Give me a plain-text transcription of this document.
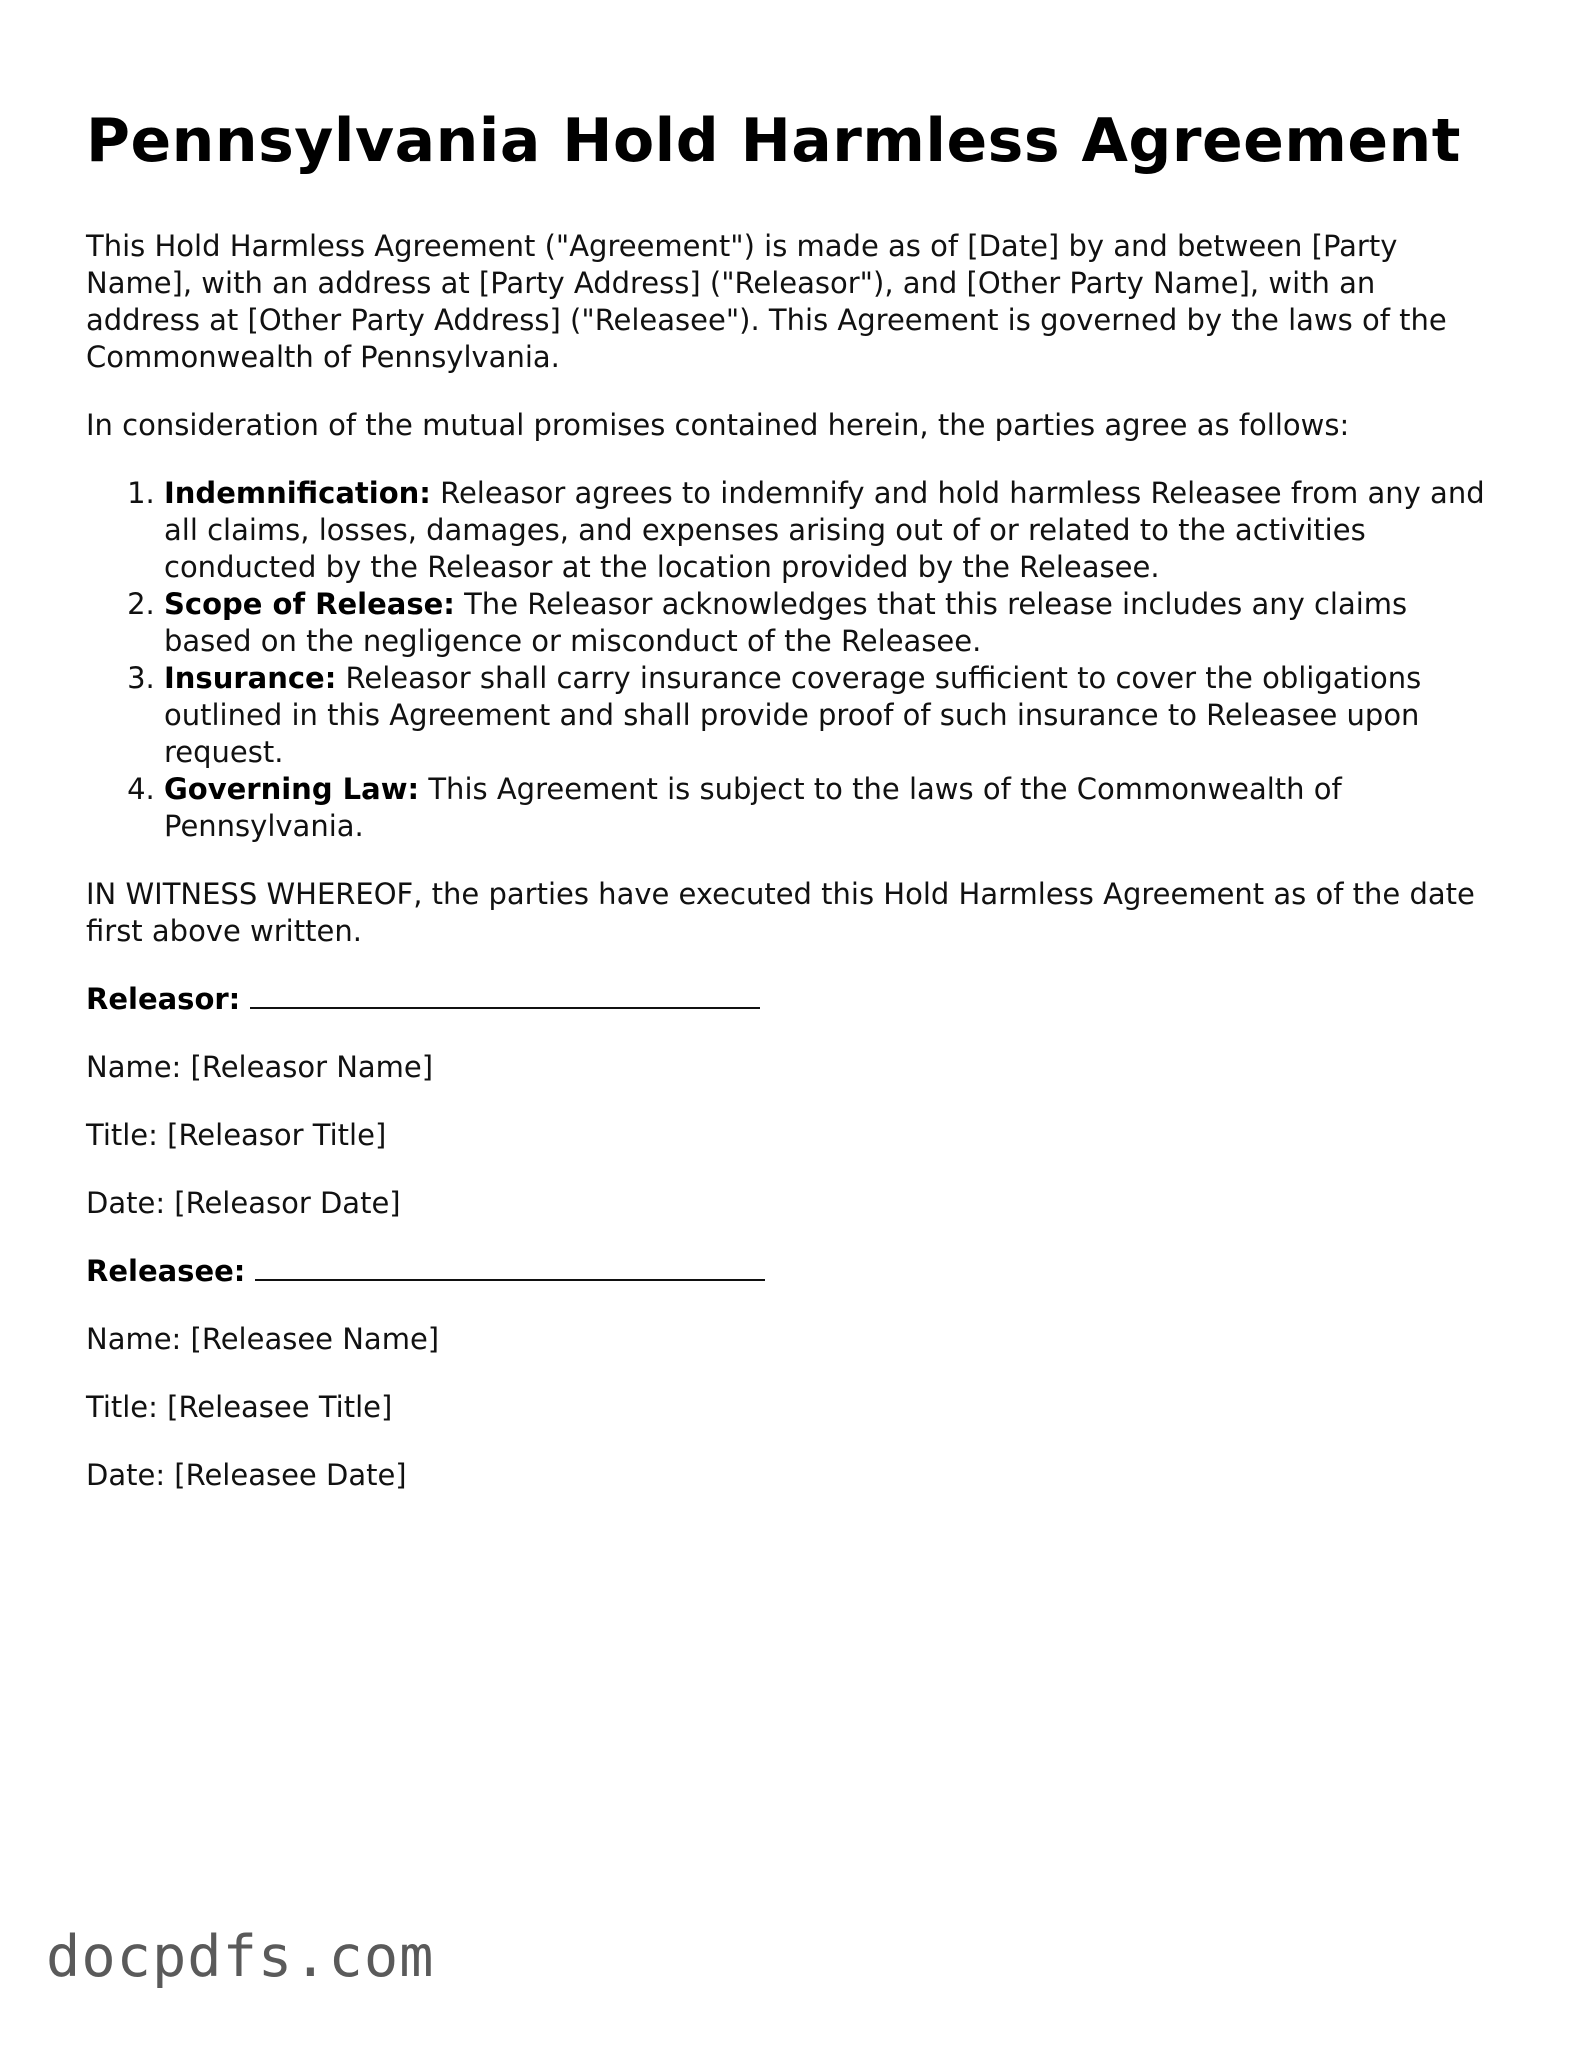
Pennsylvania Hold Harmless Agreement

This Hold Harmless Agreement ("Agreement") is made as of [Date] by and between [Party Name], with an address at [Party Address] ("Releasor"), and [Other Party Name], with an address at [Other Party Address] ("Releasee"). This Agreement is governed by the laws of the Commonwealth of Pennsylvania.

In consideration of the mutual promises contained herein, the parties agree as follows:

1. Indemnification: Releasor agrees to indemnify and hold harmless Releasee from any and all claims, losses, damages, and expenses arising out of or related to the activities conducted by the Releasor at the location provided by the Releasee.
2. Scope of Release: The Releasor acknowledges that this release includes any claims based on the negligence or misconduct of the Releasee.
3. Insurance: Releasor shall carry insurance coverage sufficient to cover the obligations outlined in this Agreement and shall provide proof of such insurance to Releasee upon request.
4. Governing Law: This Agreement is subject to the laws of the Commonwealth of Pennsylvania.

IN WITNESS WHEREOF, the parties have executed this Hold Harmless Agreement as of the date first above written.

Releasor:

Name: [Releasor Name]

Title: [Releasor Title]

Date: [Releasor Date]

Releasee:

Name: [Releasee Name]

Title: [Releasee Title]

Date: [Releasee Date]

docpdfs.com
